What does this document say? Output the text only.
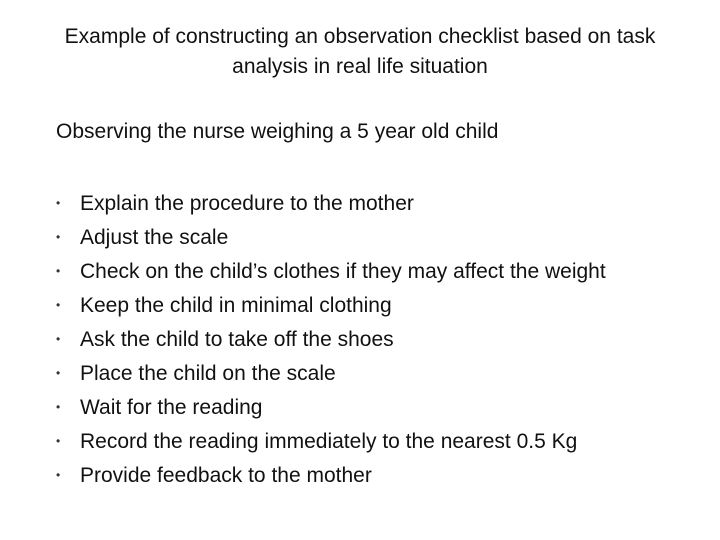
Example of constructing an observation checklist based on task
analysis in real life situation
Observing the nurse weighing a 5 year old child
• Explain the procedure to the mother
• Adjust the scale
• Check on the child’s clothes if they may affect the weight
• Keep the child in minimal clothing
• Ask the child to take off the shoes
• Place the child on the scale
• Wait for the reading
• Record the reading immediately to the nearest 0.5 Kg
• Provide feedback to the mother
